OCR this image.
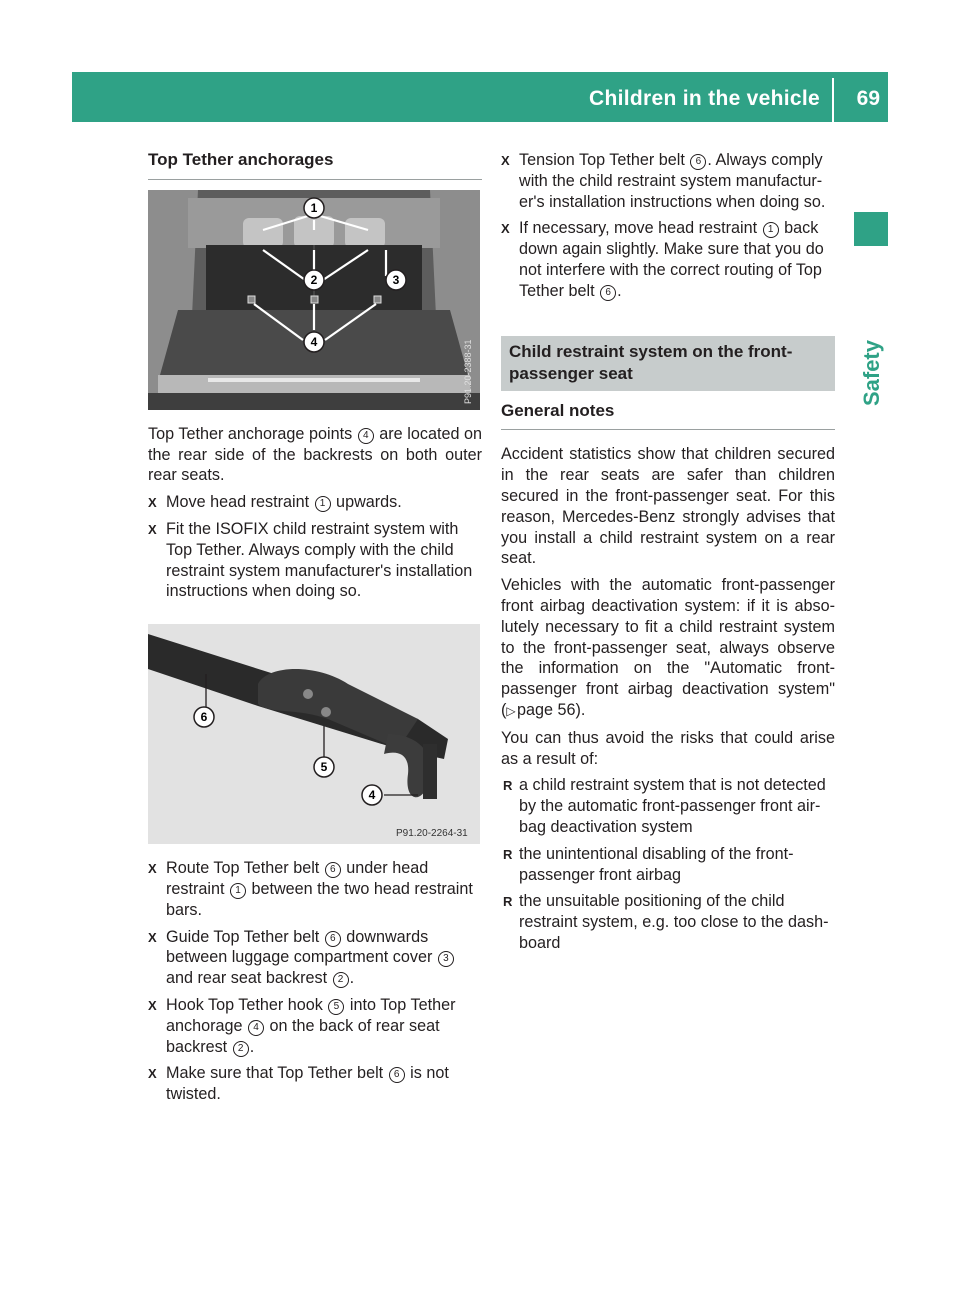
Children in the vehicle 69
Safety
Top Tether anchorages
1
2	3
4	P91.20-2388-31

Top Tether anchorage points 4 are located on the rear side of the backrests on both outer rear seats.

X Move head restraint 1 upwards.
X Fit the ISOFIX child restraint system with Top Tether. Always comply with the child restraint system manufacturer's installation instructions when doing so.
6
5
4
P91.20-2264-31
X Route Top Tether belt 6 under head restraint 1 between the two head restraint bars.
X Guide Top Tether belt 6 downwards between luggage compartment cover 3 and rear seat backrest 2 .
X Hook Top Tether hook 5 into Top Tether anchorage 4 on the back of rear seat backrest 2 .
X Make sure that Top Tether belt 6 is not twisted.
X Tension Top Tether belt 6 . Always comply with the child restraint system manufacturer's installation instructions when doing so.
X If necessary, move head restraint 1 back down again slightly. Make sure that you do not interfere with the correct routing of Top Tether belt 6 .
Child restraint system on the front-passenger seat
General notes

Accident statistics show that children secured in the rear seats are safer than children secured in the front-passenger seat. For this reason, Mercedes-Benz strongly advises that you install a child restraint system on a rear seat.

Vehicles with the automatic front-passenger front airbag deactivation system: if it is absolutely necessary to fit a child restraint system to the front-passenger seat, always observe the information on the "Automatic front-passenger front airbag deactivation system" (▷ page 56).

You can thus avoid the risks that could arise as a result of:

R a child restraint system that is not detected by the automatic front-passenger front airbag deactivation system
R the unintentional disabling of the front-passenger front airbag
R the unsuitable positioning of the child restraint system, e.g. too close to the dashboard
